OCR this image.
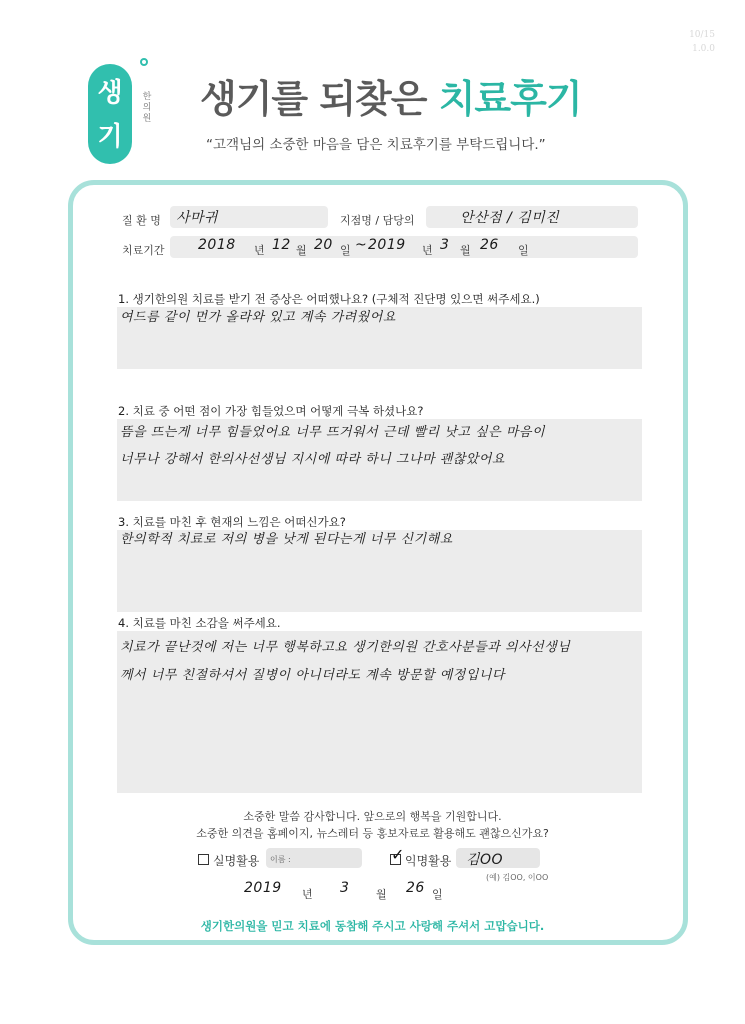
10/15
1.0.0
생
기
한의원 생기를 되찾은 치료후기
“고객님의 소중한 마음을 담은 치료후기를 부탁드립니다.”
질 환 명 사마귀	지점명 / 담당의	안산점 / 김미진
치료기간 2018 년 12 월 20 일 ~ 2019 년 3 월 26 일
1. 생기한의원 치료를 받기 전 증상은 어떠했나요? (구체적 진단명 있으면 써주세요.)
여드름 같이 먼가 올라와 있고 계속 가려웠어요
2. 치료 중 어떤 점이 가장 힘들었으며 어떻게 극복 하셨나요?
뜸을 뜨는게 너무 힘들었어요 너무 뜨거워서 근데 빨리 낫고 싶은 마음이
너무나 강해서 한의사선생님 지시에 따라 하니 그나마 괜찮았어요
3. 치료를 마친 후 현재의 느낌은 어떠신가요?
한의학적 치료로 저의 병을 낫게 된다는게 너무 신기해요
4. 치료를 마친 소감을 써주세요.
치료가 끝난것에 저는 너무 행복하고요 생기한의원 간호사분들과 의사선생님
께서 너무 친절하셔서 질병이 아니더라도 계속 방문할 예정입니다
소중한 말씀 감사합니다. 앞으로의 행복을 기원합니다.
소중한 의견을 홈페이지, 뉴스레터 등 홍보자료로 활용해도 괜찮으신가요?
실명활용 이름 :	✓ 익명활용 김OO
(예) 김OO, 이OO
2019 년 3 월 26 일
생기한의원을 믿고 치료에 동참해 주시고 사랑해 주셔서 고맙습니다.
